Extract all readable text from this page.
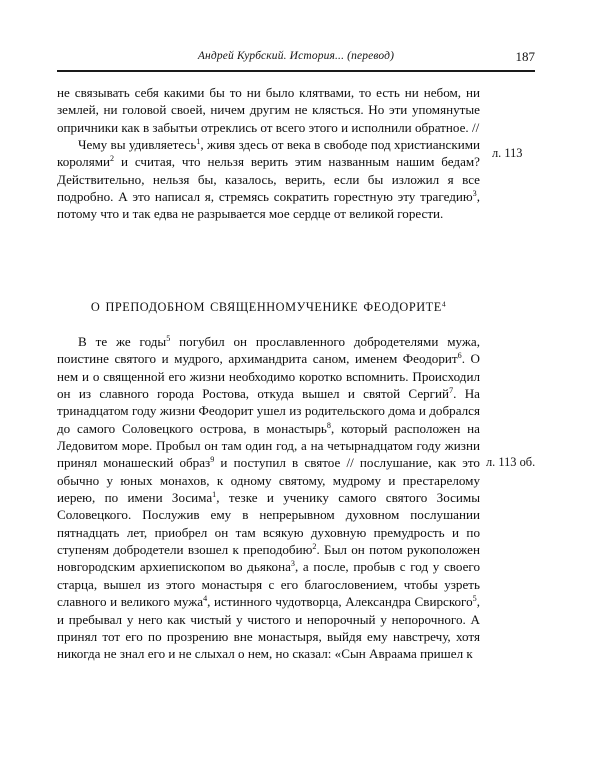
Андрей Курбский. История... (перевод)	187

не связывать себя какими бы то ни было клятвами, то есть ни небом, ни землей, ни головой своей, ничем другим не клясться. Но эти упомянутые опричники как в забытьи отреклись от всего этого и исполнили обратное. //

Чему вы удивляетесь$^1$, живя здесь от века в свободе под христианскими королями$^2$ и считая, что нельзя верить этим названным нашим бедам? Действительно, нельзя бы, казалось, верить, если бы изложил я все подробно. А это написал я, стремясь сократить горестную эту трагедию$^3$, потому что и так едва не разрывается мое сердце от великой горести.

О ПРЕПОДОБНОМ СВЯЩЕННОМУЧЕНИКЕ ФЕОДОРИТЕ$^4$

В те же годы$^5$ погубил он прославленного добродетелями мужа, поистине святого и мудрого, архимандрита саном, именем Феодорит$^6$. О нем и о священной его жизни необходимо коротко вспомнить. Происходил он из славного города Ростова, откуда вышел и святой Сергий$^7$. На тринадцатом году жизни Феодорит ушел из родительского дома и добрался до самого Соловецкого острова, в монастырь$^8$, который расположен на Ледовитом море. Пробыл он там один год, а на четырнадцатом году жизни принял монашеский образ$^9$ и поступил в святое // послушание, как это обычно у юных монахов, к одному святому, мудрому и престарелому иерею, по имени Зосима$^1$, тезке и ученику самого святого Зосимы Соловецкого. Послужив ему в непрерывном духовном послушании пятнадцать лет, приобрел он там всякую духовную премудрость и по ступеням добродетели взошел к преподобию$^2$. Был он потом рукоположен новгородским архиепископом во дьякона$^3$, а после, пробыв с год у своего старца, вышел из этого монастыря с его благословением, чтобы узреть славного и великого мужа$^4$, истинного чудотворца, Александра Свирского$^5$, и пребывал у него как чистый у чистого и непорочный у непорочного. А принял тот его по прозрению вне монастыря, выйдя ему навстречу, хотя никогда не знал его и не слыхал о нем, но сказал: «Сын Авраама пришел к

л. 113
л. 113 об.
